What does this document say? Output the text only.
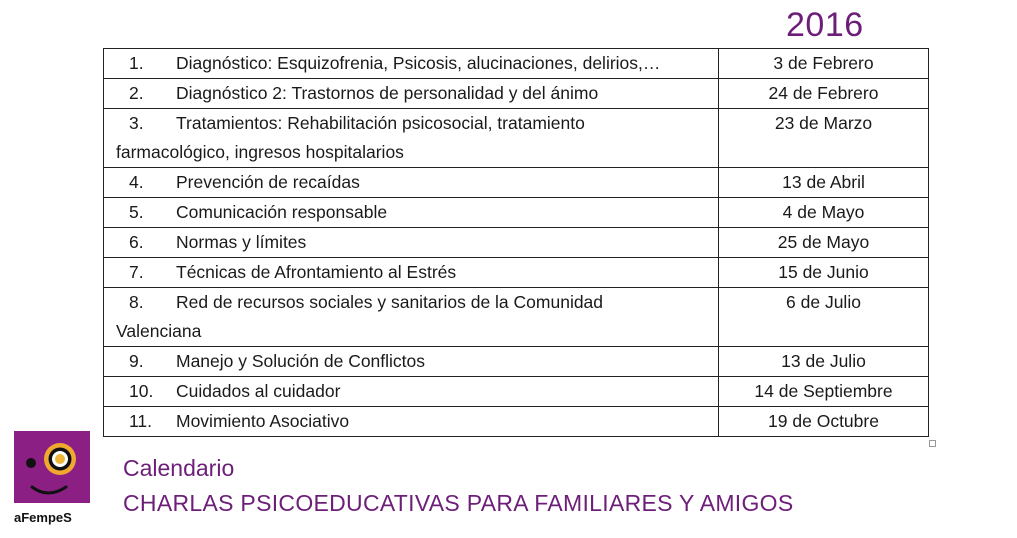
2016
1. Diagnóstico: Esquizofrenia, Psicosis, alucinaciones, delirios,…	3 de Febrero

2. Diagnóstico 2: Trastornos de personalidad y del ánimo	24 de Febrero

3. Tratamientos: Rehabilitación psicosocial, tratamiento
farmacológico, ingresos hospitalarios	23 de Marzo

4. Prevención de recaídas	13 de Abril

5. Comunicación responsable	4 de Mayo

6. Normas y límites	25 de Mayo

7. Técnicas de Afrontamiento al Estrés	15 de Junio

8. Red de recursos sociales y sanitarios de la Comunidad
Valenciana	6 de Julio

9. Manejo y Solución de Conflictos	13 de Julio

10. Cuidados al cuidador	14 de Septiembre

11. Movimiento Asociativo	19 de Octubre
aFempeS
Calendario
CHARLAS PSICOEDUCATIVAS PARA FAMILIARES Y AMIGOS
